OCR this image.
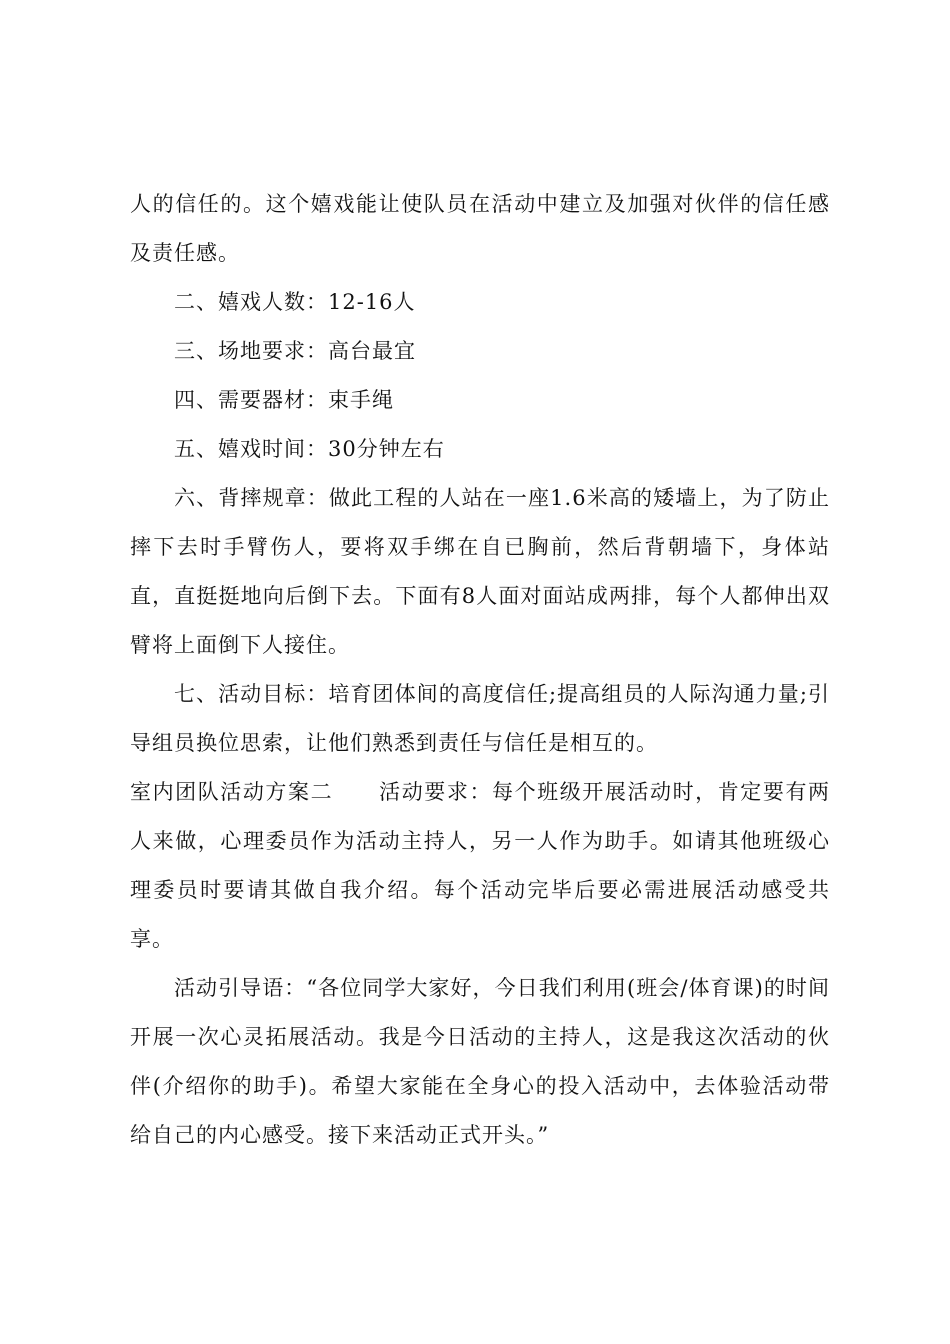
人的信任的。这个嬉戏能让使队员在活动中建立及加强对伙伴的信任感及责任感。

二、嬉戏人数：12-16人

三、场地要求：高台最宜

四、需要器材：束手绳

五、嬉戏时间：30分钟左右

六、背摔规章：做此工程的人站在一座1.6米高的矮墙上，为了防止摔下去时手臂伤人，要将双手绑在自已胸前，然后背朝墙下，身体站直，直挺挺地向后倒下去。下面有8人面对面站成两排，每个人都伸出双臂将上面倒下人接住。

七、活动目标：培育团体间的高度信任;提高组员的人际沟通力量;引导组员换位思索，让他们熟悉到责任与信任是相互的。

室内团队活动方案二 活动要求：每个班级开展活动时，肯定要有两人来做，心理委员作为活动主持人，另一人作为助手。如请其他班级心理委员时要请其做自我介绍。每个活动完毕后要必需进展活动感受共享。

活动引导语：“各位同学大家好，今日我们利用(班会/体育课)的时间开展一次心灵拓展活动。我是今日活动的主持人，这是我这次活动的伙伴(介绍你的助手)。希望大家能在全身心的投入活动中，去体验活动带给自己的内心感受。接下来活动正式开头。”
